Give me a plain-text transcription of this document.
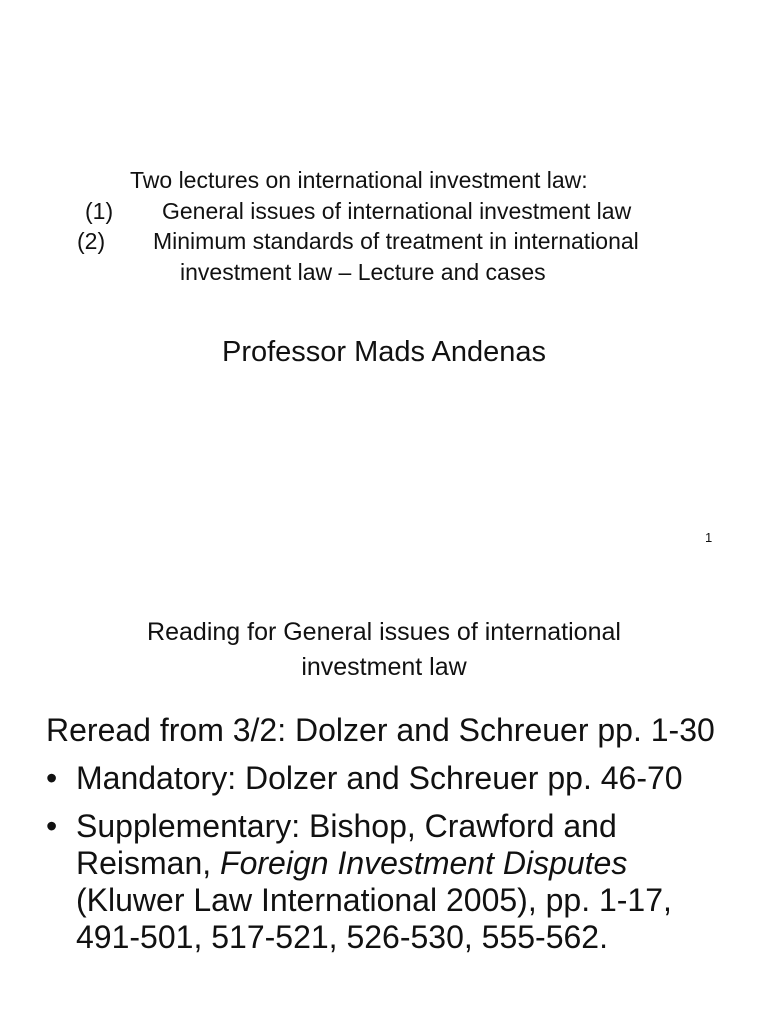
Two lectures on international investment law:
(1) General issues of international investment law
(2) Minimum standards of treatment in international
investment law – Lecture and cases
Professor Mads Andenas
1
Reading for General issues of international
investment law
Reread from 3/2: Dolzer and Schreuer pp. 1-30
• Mandatory: Dolzer and Schreuer pp. 46-70
• Supplementary: Bishop, Crawford and Reisman, Foreign Investment Disputes (Kluwer Law International 2005), pp. 1-17, 491-501, 517-521, 526-530, 555-562.
